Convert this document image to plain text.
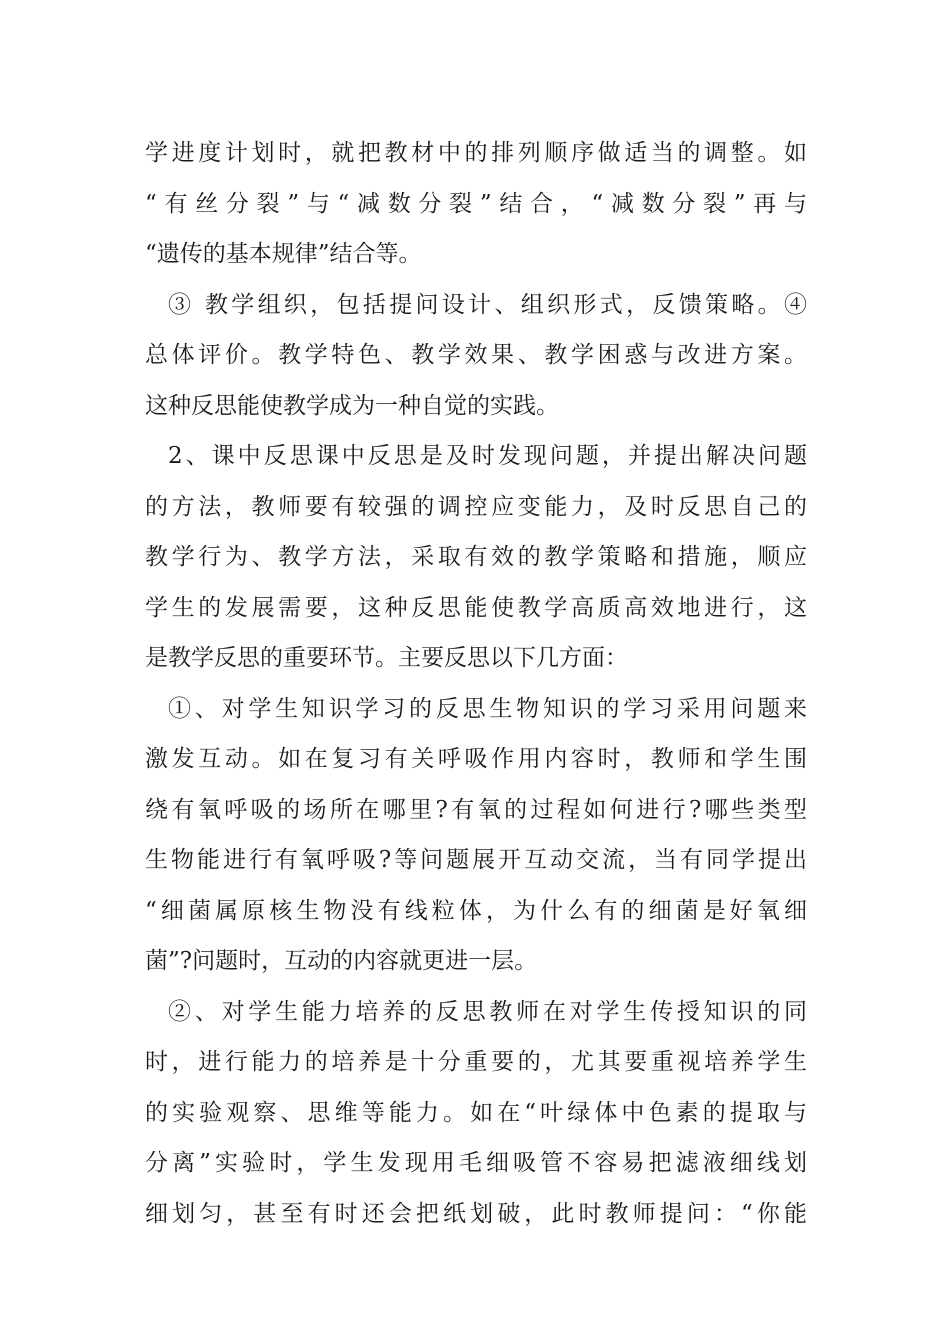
学进度计划时，就把教材中的排列顺序做适当的调整。如
“有丝分裂”与“减数分裂”结合，“减数分裂”再与
“遗传的基本规律”结合等。
③ 教学组织，包括提问设计、组织形式，反馈策略。④
总体评价。教学特色、教学效果、教学困惑与改进方案。
这种反思能使教学成为一种自觉的实践。
2、课中反思课中反思是及时发现问题，并提出解决问题
的方法，教师要有较强的调控应变能力，及时反思自己的
教学行为、教学方法，采取有效的教学策略和措施，顺应
学生的发展需要，这种反思能使教学高质高效地进行，这
是教学反思的重要环节。主要反思以下几方面：
①、对学生知识学习的反思生物知识的学习采用问题来
激发互动。如在复习有关呼吸作用内容时，教师和学生围
绕有氧呼吸的场所在哪里?有氧的过程如何进行?哪些类型
生物能进行有氧呼吸?等问题展开互动交流，当有同学提出
“细菌属原核生物没有线粒体，为什么有的细菌是好氧细
菌”?问题时，互动的内容就更进一层。
②、对学生能力培养的反思教师在对学生传授知识的同
时，进行能力的培养是十分重要的，尤其要重视培养学生
的实验观察、思维等能力。如在“叶绿体中色素的提取与
分离”实验时，学生发现用毛细吸管不容易把滤液细线划
细划匀，甚至有时还会把纸划破，此时教师提问：“你能
